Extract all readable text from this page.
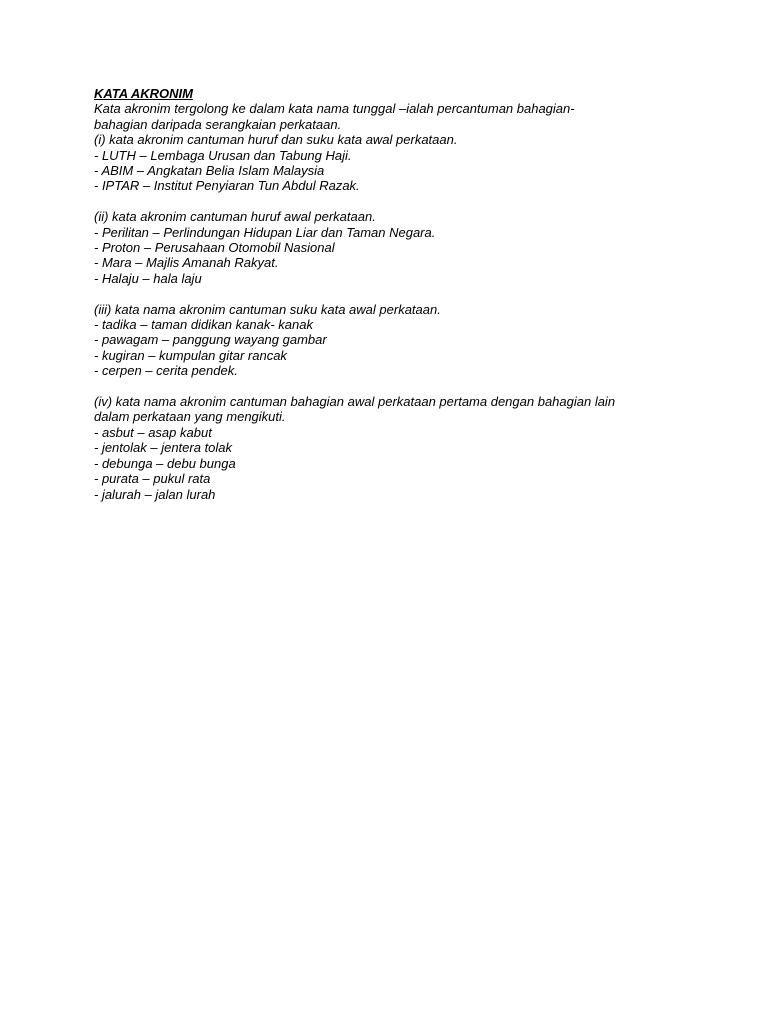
KATA AKRONIM
Kata akronim tergolong ke dalam kata nama tunggal –ialah percantuman bahagian-
bahagian daripada serangkaian perkataan.
(i) kata akronim cantuman huruf dan suku kata awal perkataan.
- LUTH – Lembaga Urusan dan Tabung Haji.
- ABIM – Angkatan Belia Islam Malaysia
- IPTAR – Institut Penyiaran Tun Abdul Razak.
(ii) kata akronim cantuman huruf awal perkataan.
- Perilitan – Perlindungan Hidupan Liar dan Taman Negara.
- Proton – Perusahaan Otomobil Nasional
- Mara – Majlis Amanah Rakyat.
- Halaju – hala laju
(iii) kata nama akronim cantuman suku kata awal perkataan.
- tadika – taman didikan kanak- kanak
- pawagam – panggung wayang gambar
- kugiran – kumpulan gitar rancak
- cerpen – cerita pendek.
(iv) kata nama akronim cantuman bahagian awal perkataan pertama dengan bahagian lain
dalam perkataan yang mengikuti.
- asbut – asap kabut
- jentolak – jentera tolak
- debunga – debu bunga
- purata – pukul rata
- jalurah – jalan lurah
